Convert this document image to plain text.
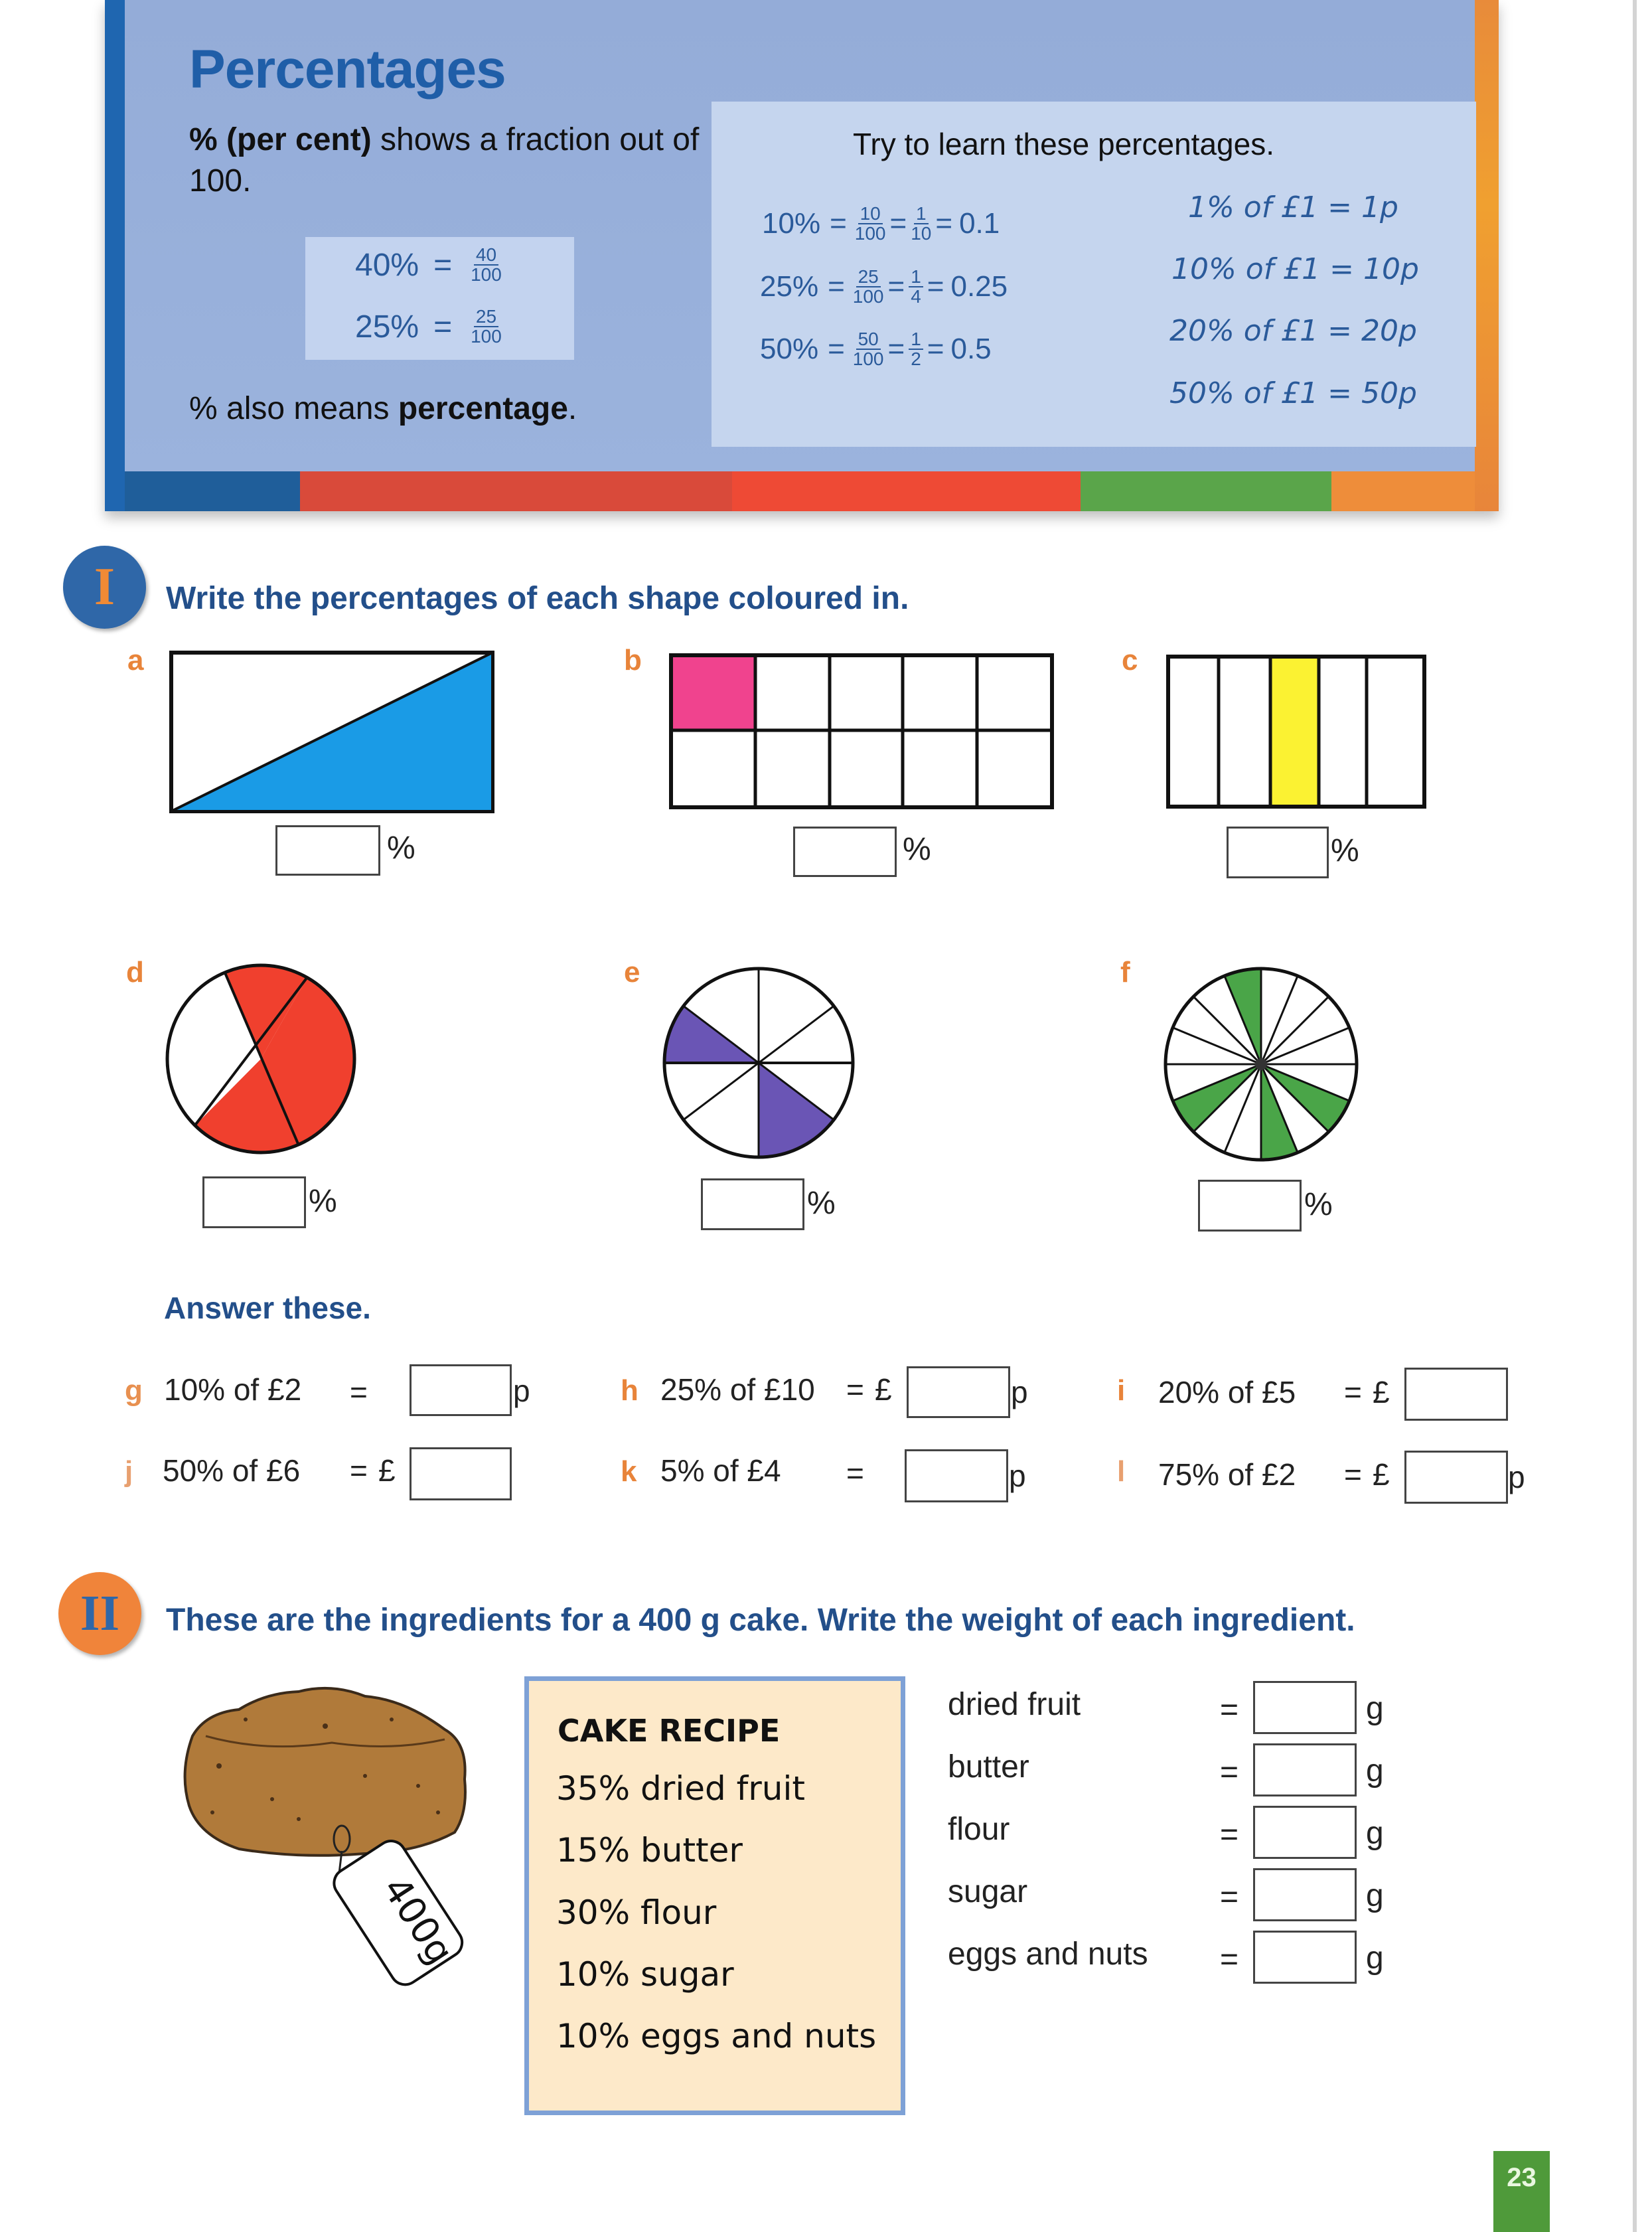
Percentages
% (per cent) shows a fraction out of 100.
$40\% = \frac{40}{100}$
$25\% = \frac{25}{100}$
% also means percentage.
Try to learn these percentages.
$10\% = \frac{10}{100} = \frac{1}{10} = 0.1$
$25\% = \frac{25}{100} = \frac{1}{4} = 0.25$
$50\% = \frac{50}{100} = \frac{1}{2} = 0.5$
1% of £1 = 1p
10% of £1 = 10p
20% of £1 = 20p
50% of £1 = 50p
I	Write the percentages of each shape coloured in.
a
%
b
%
c
%
d
%
e
%
f
%
Answer these.
g 10% of £2 =	p	h 25% of £10 = £	p	i 20% of £5 = £
j 50% of £6 = £	k 5% of £4 =	p	l 75% of £2 = £	p
II	These are the ingredients for a 400 g cake. Write the weight of each ingredient.
400g
CAKE RECIPE
35% dried fruit
15% butter
30% flour
10% sugar
10% eggs and nuts
dried fruit	=	g
butter	=	g
flour	=	g
sugar	=	g
eggs and nuts =	g
23
